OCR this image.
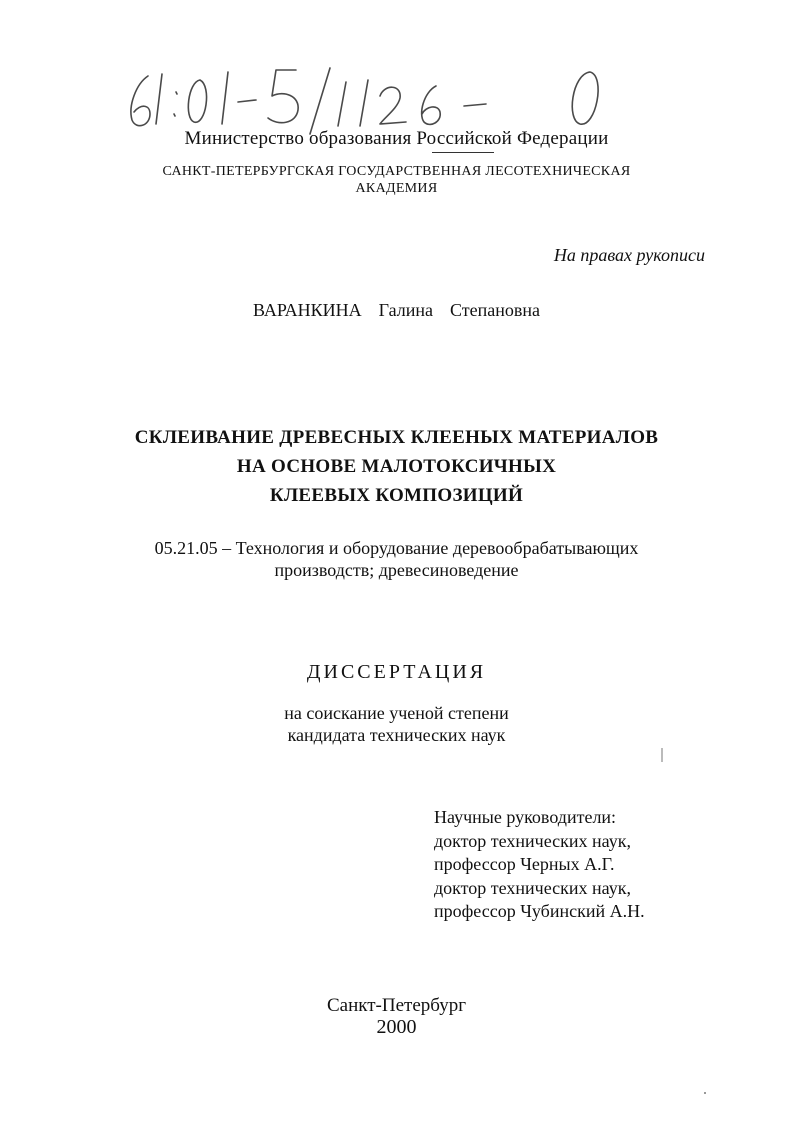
Министерство образования Российской Федерации
САНКТ-ПЕТЕРБУРГСКАЯ ГОСУДАРСТВЕННАЯ ЛЕСОТЕХНИЧЕСКАЯ
АКАДЕМИЯ
На правах рукописи
ВАРАНКИНА  Галина  Степановна
СКЛЕИВАНИЕ ДРЕВЕСНЫХ КЛЕЕНЫХ МАТЕРИАЛОВ
НА ОСНОВЕ МАЛОТОКСИЧНЫХ
КЛЕЕВЫХ КОМПОЗИЦИЙ
05.21.05 – Технология и оборудование деревообрабатывающих
производств; древесиноведение
ДИССЕРТАЦИЯ
на соискание ученой степени
кандидата технических наук
Научные руководители:
доктор технических наук,
профессор Черных А.Г.
доктор технических наук,
профессор Чубинский А.Н.
Санкт-Петербург
2000
